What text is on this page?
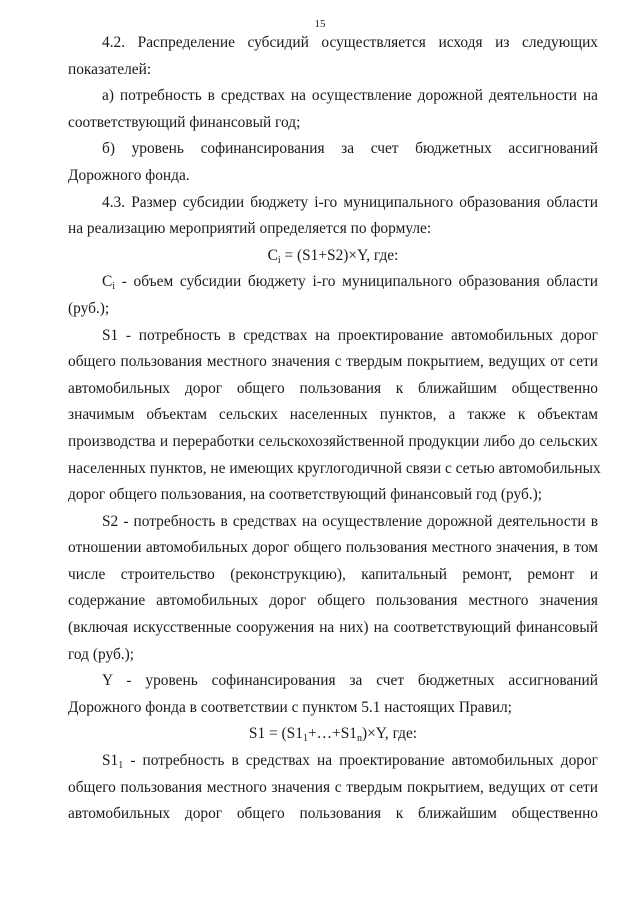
15
4.2. Распределение субсидий осуществляется исходя из следующих
показателей:
а) потребность в средствах на осуществление дорожной деятельности на
соответствующий финансовый год;
б) уровень софинансирования за счет бюджетных ассигнований
Дорожного фонда.
4.3. Размер субсидии бюджету i-го муниципального образования области
на реализацию мероприятий определяется по формуле:
$C_i = (S1+S2)\times Y$, где:
$C_i$ - объем субсидии бюджету i-го муниципального образования области
(руб.);
S1 - потребность в средствах на проектирование автомобильных дорог
общего пользования местного значения с твердым покрытием, ведущих от сети
автомобильных дорог общего пользования к ближайшим общественно
значимым объектам сельских населенных пунктов, а также к объектам
производства и переработки сельскохозяйственной продукции либо до сельских
населенных пунктов, не имеющих круглогодичной связи с сетью автомобильных
дорог общего пользования, на соответствующий финансовый год (руб.);
S2 - потребность в средствах на осуществление дорожной деятельности в
отношении автомобильных дорог общего пользования местного значения, в том
числе строительство (реконструкцию), капитальный ремонт, ремонт и
содержание автомобильных дорог общего пользования местного значения
(включая искусственные сооружения на них) на соответствующий финансовый
год (руб.);
Y - уровень софинансирования за счет бюджетных ассигнований
Дорожного фонда в соответствии с пунктом 5.1 настоящих Правил;
$S1 = (S1_1+\dots+S1_n)\times Y$, где:
$S1_1$ - потребность в средствах на проектирование автомобильных дорог
общего пользования местного значения с твердым покрытием, ведущих от сети
автомобильных дорог общего пользования к ближайшим общественно
